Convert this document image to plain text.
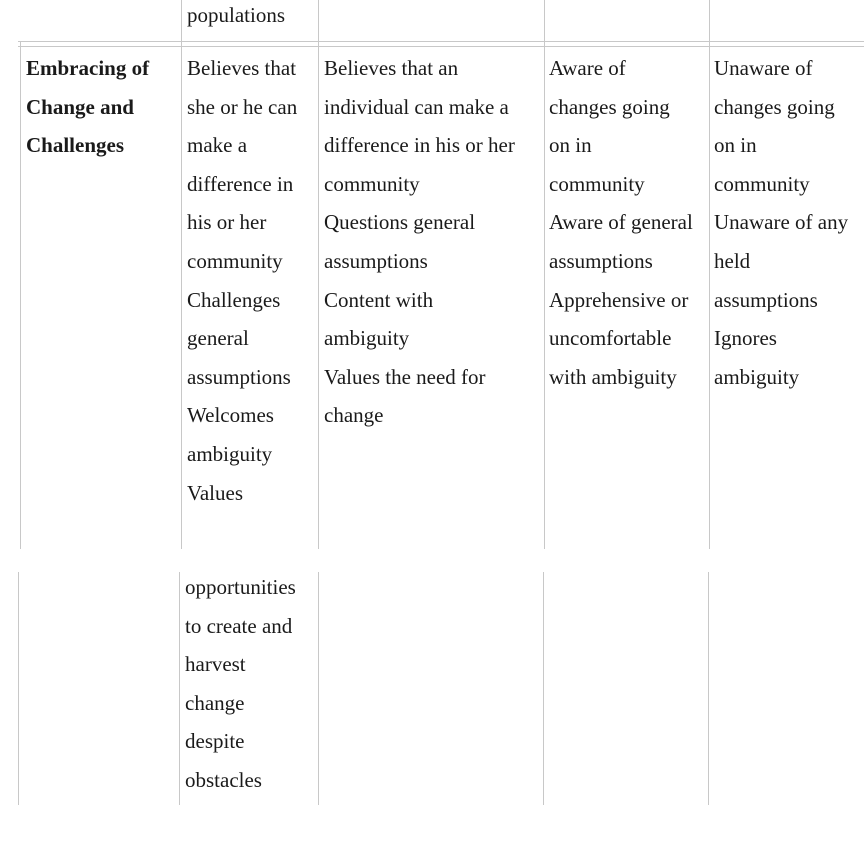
populations
Embracing of
Change and
Challenges
Believes that
she or he can
make a
difference in
his or her
community
Challenges
general
assumptions
Welcomes
ambiguity
Values
Believes that an
individual can make a
difference in his or her
community
Questions general
assumptions
Content with
ambiguity
Values the need for
change
Aware of
changes going
on in
community
Aware of general
assumptions
Apprehensive or
uncomfortable
with ambiguity
Unaware of
changes going
on in
community
Unaware of any
held
assumptions
Ignores
ambiguity
opportunities
to create and
harvest
change
despite
obstacles
